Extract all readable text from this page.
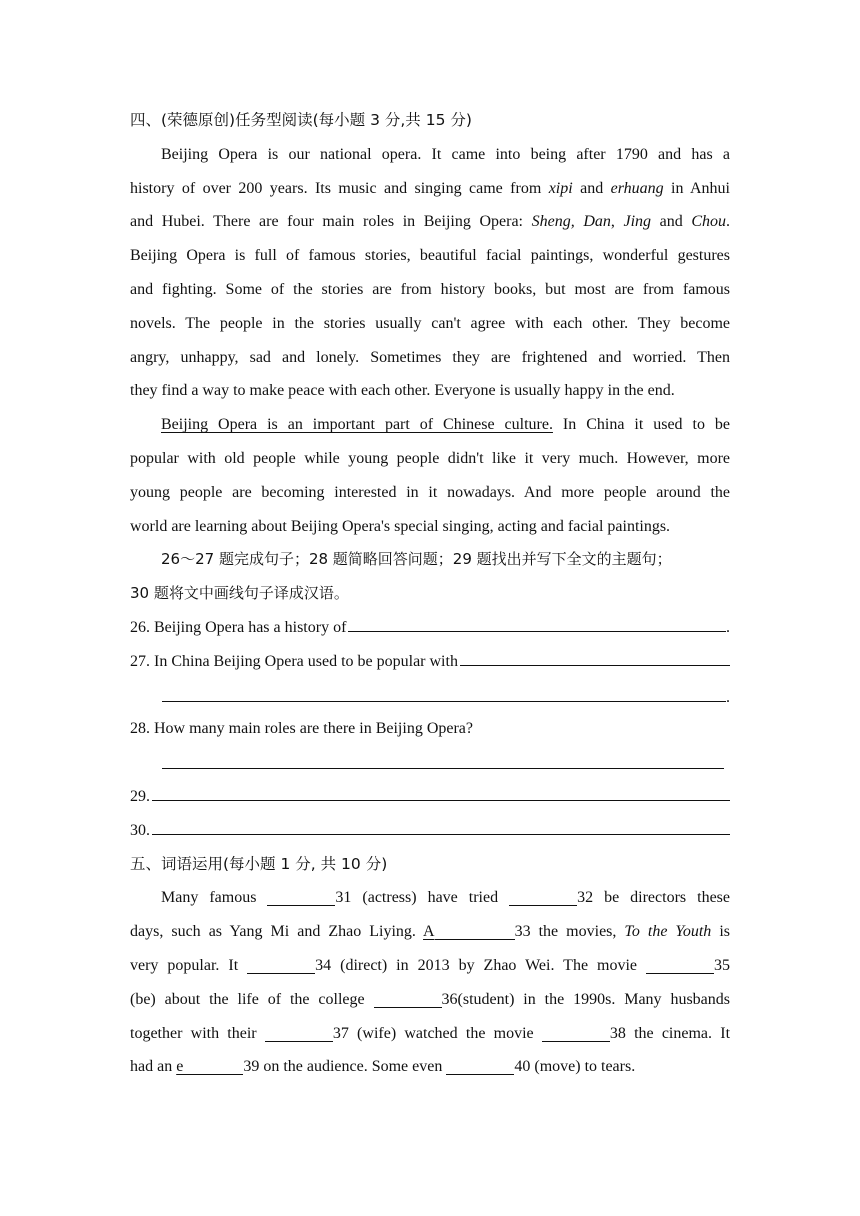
四、(荣德原创)任务型阅读(每小题 3 分,共 15 分)
Beijing Opera is our national opera. It came into being after 1790 and has a
history of over 200 years. Its music and singing came from xipi and erhuang in Anhui
and Hubei. There are four main roles in Beijing Opera: Sheng, Dan, Jing and Chou.
Beijing Opera is full of famous stories, beautiful facial paintings, wonderful gestures
and fighting. Some of the stories are from history books, but most are from famous
novels. The people in the stories usually can't agree with each other. They become
angry, unhappy, sad and lonely. Sometimes they are frightened and worried. Then
they find a way to make peace with each other. Everyone is usually happy in the end.
Beijing Opera is an important part of Chinese culture. In China it used to be
popular with old people while young people didn't like it very much. However, more
young people are becoming interested in it nowadays. And more people around the
world are learning about Beijing Opera's special singing, acting and facial paintings.
26～27 题完成句子；28 题简略回答问题；29 题找出并写下全文的主题句；
30 题将文中画线句子译成汉语。
26. Beijing Opera has a history of	.
27. In China Beijing Opera used to be popular with
.
28. How many main roles are there in Beijing Opera?
29.
30.
五、词语运用(每小题 1 分, 共 10 分)
Many famous	31 (actress) have tried	32 be directors these
days, such as Yang Mi and Zhao Liying. A	33 the movies, To the Youth is
very popular. It	34 (direct) in 2013 by Zhao Wei. The movie	35
(be) about the life of the college	36(student) in the 1990s. Many husbands
together with their	37 (wife) watched the movie	38 the cinema. It
had an e	39 on the audience. Some even	40 (move) to tears.
